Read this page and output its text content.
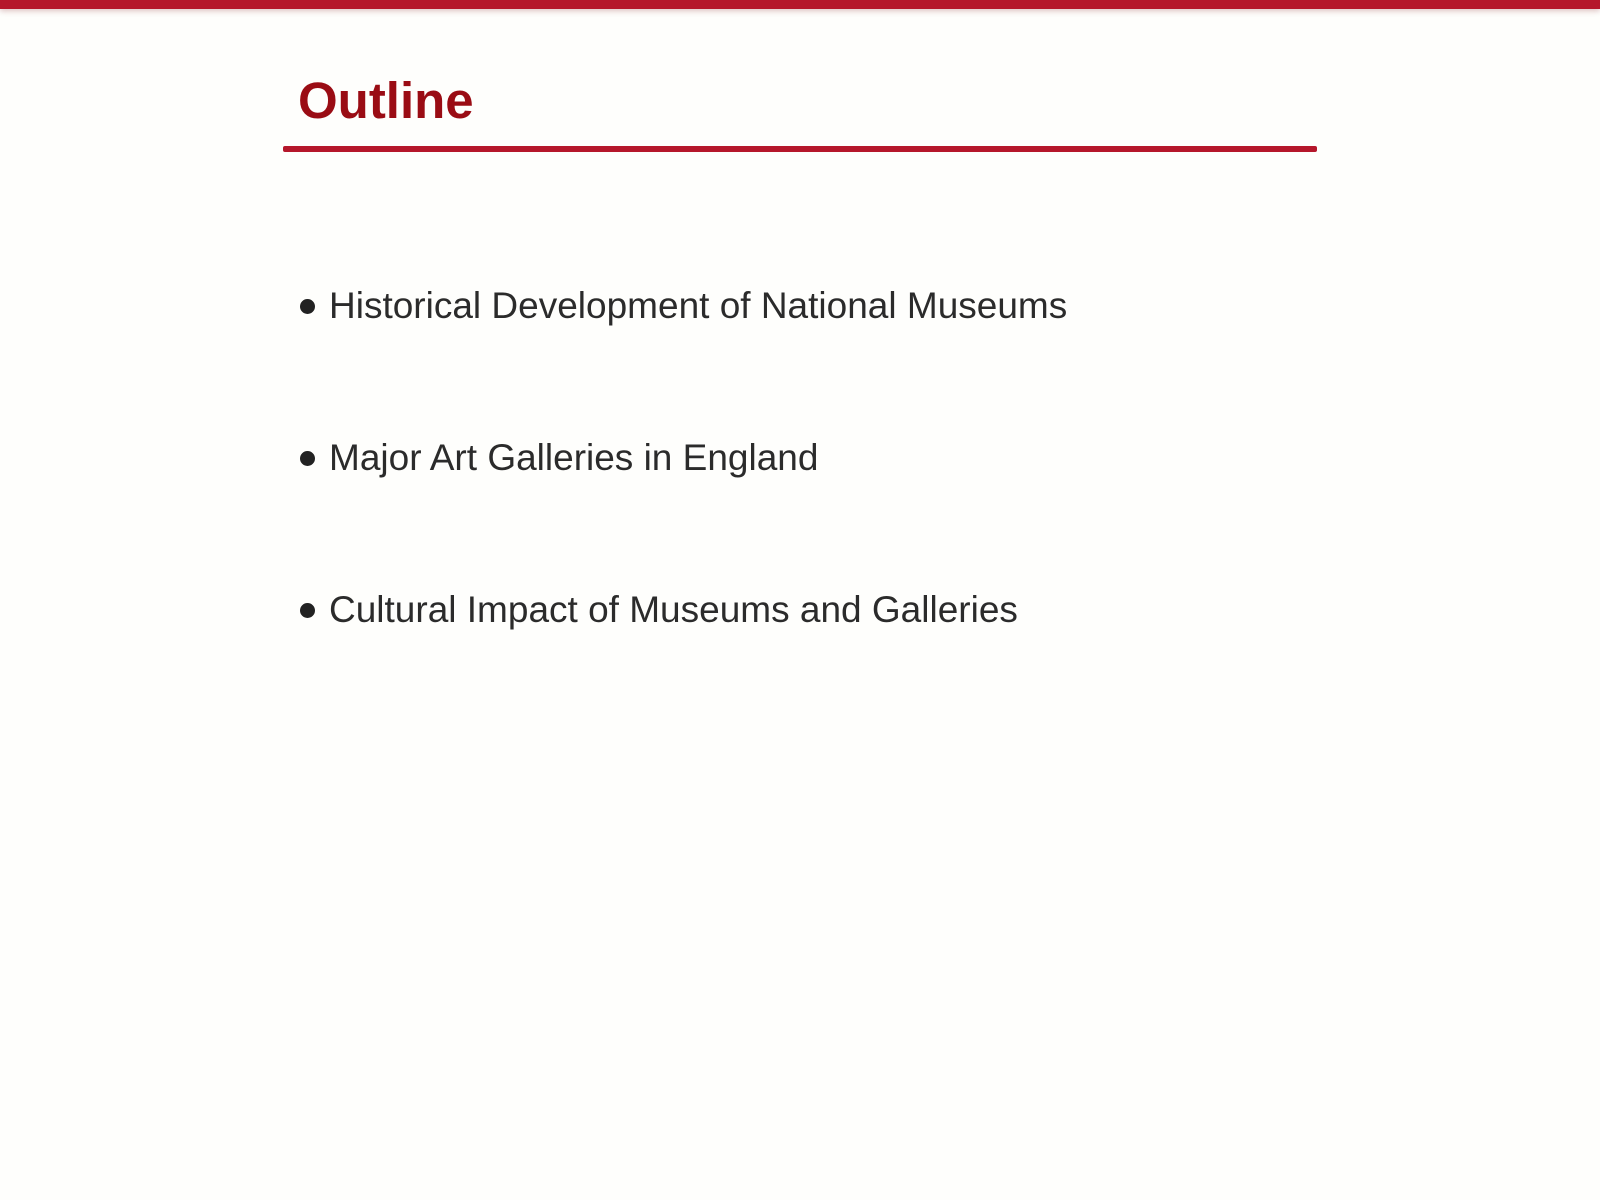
Outline
Historical Development of National Museums
Major Art Galleries in England
Cultural Impact of Museums and Galleries
